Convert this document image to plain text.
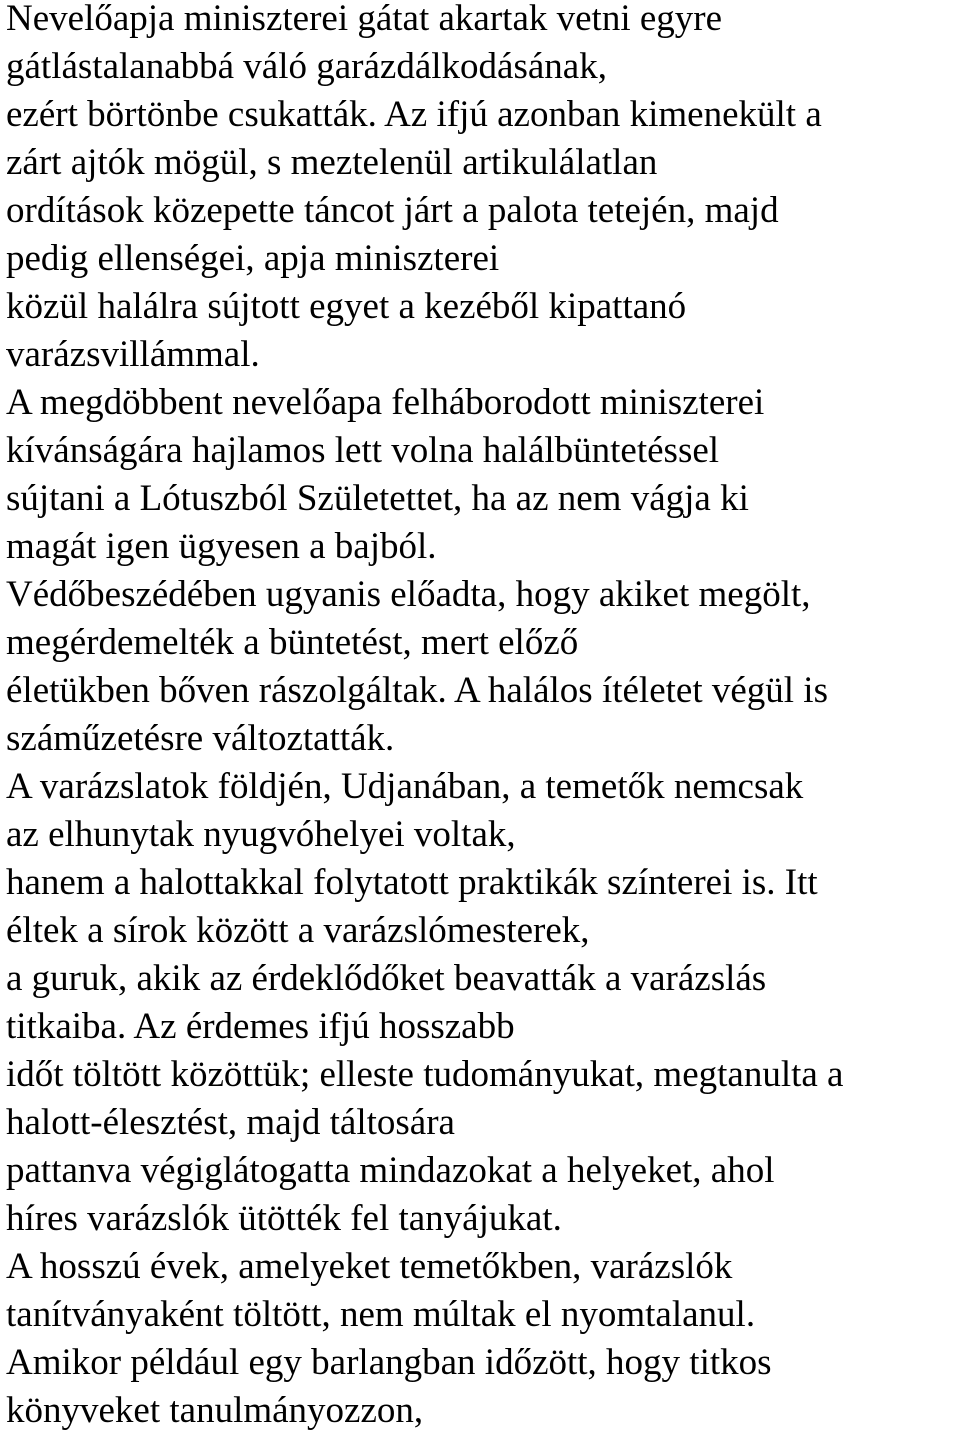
Nevelőapja miniszterei gátat akartak vetni egyre

gátlástalanabbá váló garázdálkodásának,

ezért börtönbe csukatták. Az ifjú azonban kimenekült a

zárt ajtók mögül, s meztelenül artikulálatlan

ordítások közepette táncot járt a palota tetején, majd

pedig ellenségei, apja miniszterei

közül halálra sújtott egyet a kezéből kipattanó

varázsvillámmal.

A megdöbbent nevelőapa felháborodott miniszterei

kívánságára hajlamos lett volna halálbüntetéssel

sújtani a Lótuszból Születettet, ha az nem vágja ki

magát igen ügyesen a bajból.

Védőbeszédében ugyanis előadta, hogy akiket megölt,

megérdemelték a büntetést, mert előző

életükben bőven rászolgáltak. A halálos ítéletet végül is

száműzetésre változtatták.

A varázslatok földjén, Udjanában, a temetők nemcsak

az elhunytak nyugvóhelyei voltak,

hanem a halottakkal folytatott praktikák színterei is. Itt

éltek a sírok között a varázslómesterek,

a guruk, akik az érdeklődőket beavatták a varázslás

titkaiba. Az érdemes ifjú hosszabb

időt töltött közöttük; elleste tudományukat, megtanulta a

halott-élesztést, majd táltosára

pattanva végiglátogatta mindazokat a helyeket, ahol

híres varázslók ütötték fel tanyájukat.

A hosszú évek, amelyeket temetőkben, varázslók

tanítványaként töltött, nem múltak el nyomtalanul.

Amikor például egy barlangban időzött, hogy titkos

könyveket tanulmányozzon,
